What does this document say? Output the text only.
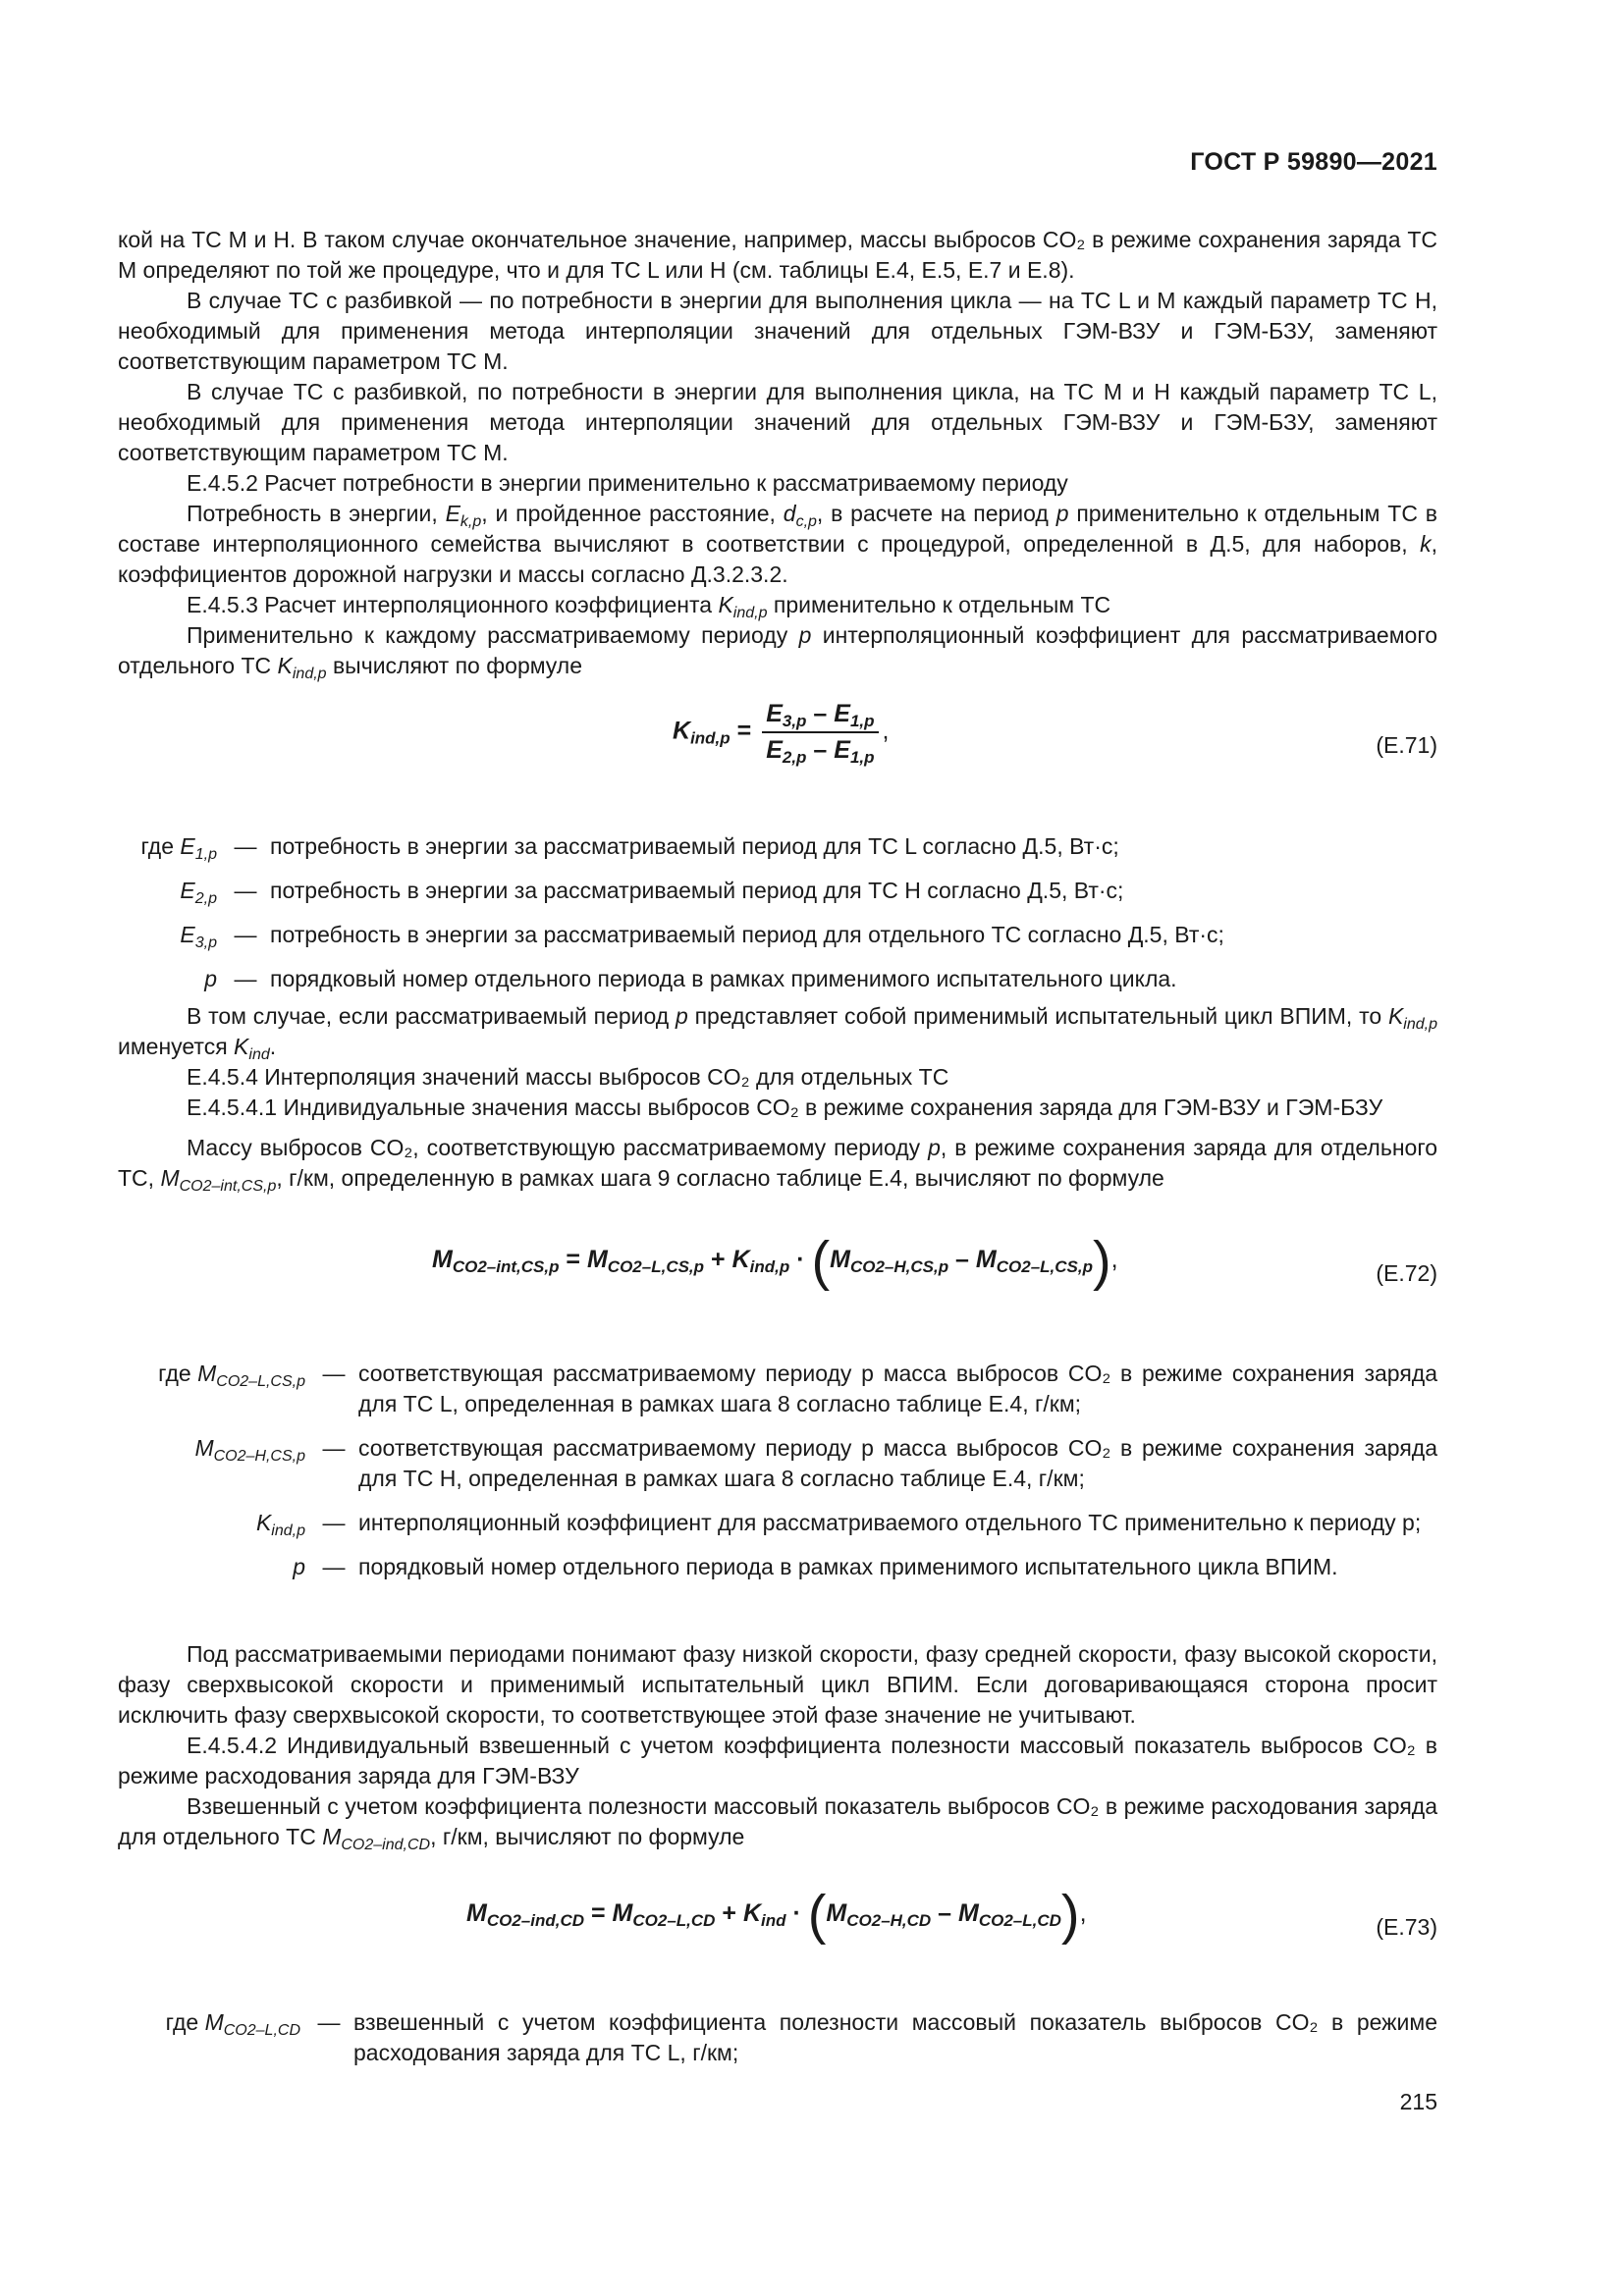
ГОСТ Р 59890—2021

кой на ТС М и Н. В таком случае окончательное значение, например, массы выбросов CO₂ в режиме сохранения заряда ТС М определяют по той же процедуре, что и для ТС L или Н (см. таблицы Е.4, Е.5, Е.7 и Е.8).

В случае ТС с разбивкой — по потребности в энергии для выполнения цикла — на ТС L и М каждый параметр ТС Н, необходимый для применения метода интерполяции значений для отдельных ГЭМ-ВЗУ и ГЭМ-БЗУ, заменяют соответствующим параметром ТС М.

В случае ТС с разбивкой, по потребности в энергии для выполнения цикла, на ТС М и Н каждый параметр ТС L, необходимый для применения метода интерполяции значений для отдельных ГЭМ-ВЗУ и ГЭМ-БЗУ, заменяют соответствующим параметром ТС М.

Е.4.5.2 Расчет потребности в энергии применительно к рассматриваемому периоду

Потребность в энергии, $E_{k,p}$, и пройденное расстояние, $d_{c,p}$, в расчете на период p применительно к отдельным ТС в составе интерполяционного семейства вычисляют в соответствии с процедурой, определенной в Д.5, для наборов, k, коэффициентов дорожной нагрузки и массы согласно Д.3.2.3.2.

Е.4.5.3 Расчет интерполяционного коэффициента $K_{ind,p}$ применительно к отдельным ТС

Применительно к каждому рассматриваемому периоду p интерполяционный коэффициент для рассматриваемого отдельного ТС $K_{ind,p}$ вычисляют по формуле

$K_{ind,p} = \frac{E_{3,p} - E_{1,p}}{E_{2,p} - E_{1,p}}$ ,
(Е.71)
где $E_{1,p}$ — потребность в энергии за рассматриваемый период для ТС L согласно Д.5, Вт·с;
$E_{2,p}$ — потребность в энергии за рассматриваемый период для ТС Н согласно Д.5, Вт·с;
$E_{3,p}$ — потребность в энергии за рассматриваемый период для отдельного ТС согласно Д.5, Вт·с;
p — порядковый номер отдельного периода в рамках применимого испытательного цикла.

В том случае, если рассматриваемый период p представляет собой применимый испытательный цикл ВПИМ, то $K_{ind,p}$ именуется $K_{ind}$.

Е.4.5.4 Интерполяция значений массы выбросов CO₂ для отдельных ТС

Е.4.5.4.1 Индивидуальные значения массы выбросов CO₂ в режиме сохранения заряда для ГЭМ-ВЗУ и ГЭМ-БЗУ

Массу выбросов CO₂, соответствующую рассматриваемому периоду p, в режиме сохранения заряда для отдельного ТС, $M_{CO2-int,CS,p}$, г/км, определенную в рамках шага 9 согласно таблице Е.4, вычисляют по формуле

$M_{CO2-int,CS,p} = M_{CO2-L,CS,p} + K_{ind,p} \cdot (M_{CO2-H,CS,p} - M_{CO2-L,CS,p})$,	(Е.72)
где $M_{CO2-L,CS,p}$ — соответствующая рассматриваемому периоду p масса выбросов CO₂ в режиме сохранения заряда для ТС L, определенная в рамках шага 8 согласно таблице Е.4, г/км;
$M_{CO2-H,CS,p}$ — соответствующая рассматриваемому периоду p масса выбросов CO₂ в режиме сохранения заряда для ТС Н, определенная в рамках шага 8 согласно таблице Е.4, г/км;
$K_{ind,p}$ — интерполяционный коэффициент для рассматриваемого отдельного ТС применительно к периоду p;
p — порядковый номер отдельного периода в рамках применимого испытательного цикла ВПИМ.

Под рассматриваемыми периодами понимают фазу низкой скорости, фазу средней скорости, фазу высокой скорости, фазу сверхвысокой скорости и применимый испытательный цикл ВПИМ. Если договаривающаяся сторона просит исключить фазу сверхвысокой скорости, то соответствующее этой фазе значение не учитывают.

Е.4.5.4.2 Индивидуальный взвешенный с учетом коэффициента полезности массовый показатель выбросов CO₂ в режиме расходования заряда для ГЭМ-ВЗУ

Взвешенный с учетом коэффициента полезности массовый показатель выбросов CO₂ в режиме расходования заряда для отдельного ТС $M_{CO2-ind,CD}$, г/км, вычисляют по формуле

$M_{CO2-ind,CD} = M_{CO2-L,CD} + K_{ind} \cdot (M_{CO2-H,CD} - M_{CO2-L,CD})$,	(Е.73)
где $M_{CO2-L,CD}$ — взвешенный с учетом коэффициента полезности массовый показатель выбросов CO₂ в режиме расходования заряда для ТС L, г/км;
215
